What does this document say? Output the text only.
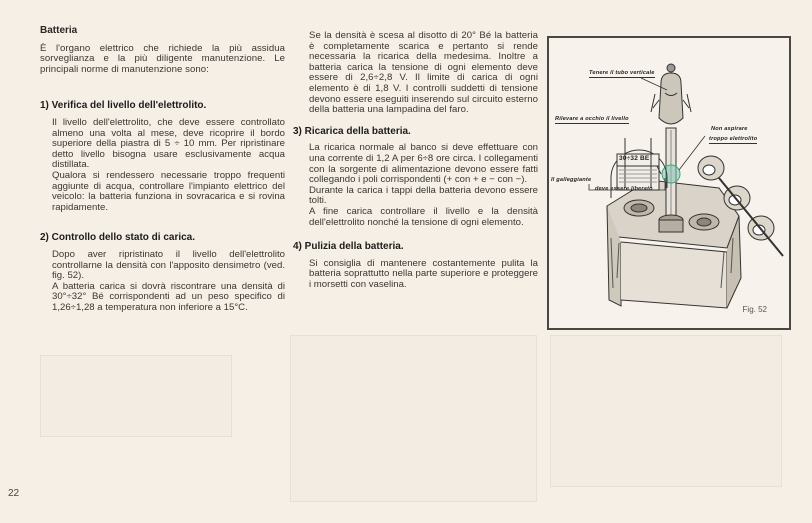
Batteria

È l'organo elettrico che richiede la più assidua sorveglianza e la più diligente manutenzione. Le principali norme di manutenzione sono:

1) Verifica del livello dell'elettrolito.

Il livello dell'elettrolito, che deve essere controllato almeno una volta al mese, deve ricoprire il bordo superiore della piastra di 5 ÷ 10 mm. Per ripristinare detto livello bisogna usare esclusivamente acqua distillata.

Qualora si rendessero necessarie troppo frequenti aggiunte di acqua, controllare l'impianto elettrico del veicolo: la batteria funziona in sovracarica e si rovina rapidamente.

2) Controllo dello stato di carica.

Dopo aver ripristinato il livello dell'elettrolito controllarne la densità con l'apposito densimetro (ved. fig. 52).

A batteria carica si dovrà riscontrare una densità di 30°÷32° Bé corrispondenti ad un peso specifico di 1,26÷1,28 a temperatura non inferiore a 15°C.

Se la densità è scesa al disotto di 20° Bé la batteria è completamente scarica e pertanto si rende necessaria la ricarica della medesima. Inoltre a batteria carica la tensione di ogni elemento deve essere di 2,6÷2,8 V. Il limite di carica di ogni elemento è di 1,8 V. I controlli suddetti di tensione devono essere eseguiti inserendo sul circuito esterno della batteria una lampadina del faro.

3) Ricarica della batteria.

La ricarica normale al banco si deve effettuare con una corrente di 1,2 A per 6÷8 ore circa. I collegamenti con la sorgente di alimentazione devono essere fatti collegando i poli corrispondenti (+ con + e − con −).

Durante la carica i tappi della batteria devono essere tolti.

A fine carica controllare il livello e la densità dell'elettrolito nonché la tensione di ogni elemento.

4) Pulizia della batteria.

Si consiglia di mantenere costantemente pulita la batteria soprattutto nella parte superiore e proteggere i morsetti con vaselina.

Tenere il tubo verticale
Rilevare a occhio il livello
Non aspirare
troppo elettrolito
Il galleggiante
deve essere liberato
30÷32 BE
Fig. 52
22
